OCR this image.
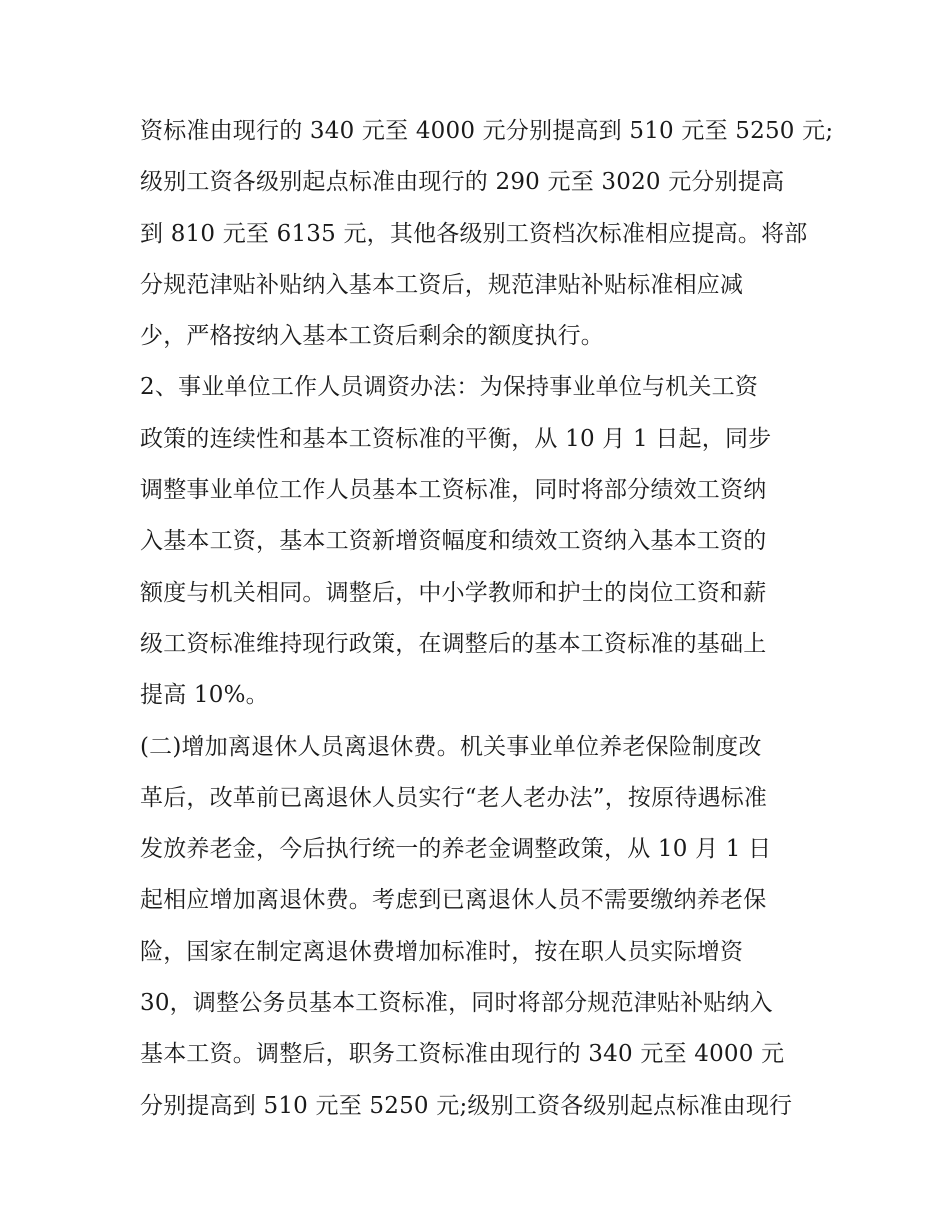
资标准由现行的 340 元至 4000 元分别提高到 510 元至 5250 元;
级别工资各级别起点标准由现行的 290 元至 3020 元分别提高
到 810 元至 6135 元，其他各级别工资档次标准相应提高。将部
分规范津贴补贴纳入基本工资后，规范津贴补贴标准相应减
少，严格按纳入基本工资后剩余的额度执行。
2、事业单位工作人员调资办法：为保持事业单位与机关工资
政策的连续性和基本工资标准的平衡，从 10 月 1 日起，同步
调整事业单位工作人员基本工资标准，同时将部分绩效工资纳
入基本工资，基本工资新增资幅度和绩效工资纳入基本工资的
额度与机关相同。调整后，中小学教师和护士的岗位工资和薪
级工资标准维持现行政策，在调整后的基本工资标准的基础上
提高 10%。
(二)增加离退休人员离退休费。机关事业单位养老保险制度改
革后，改革前已离退休人员实行“老人老办法”，按原待遇标准
发放养老金，今后执行统一的养老金调整政策，从 10 月 1 日
起相应增加离退休费。考虑到已离退休人员不需要缴纳养老保
险，国家在制定离退休费增加标准时，按在职人员实际增资
30，调整公务员基本工资标准，同时将部分规范津贴补贴纳入
基本工资。调整后，职务工资标准由现行的 340 元至 4000 元
分别提高到 510 元至 5250 元;级别工资各级别起点标准由现行
